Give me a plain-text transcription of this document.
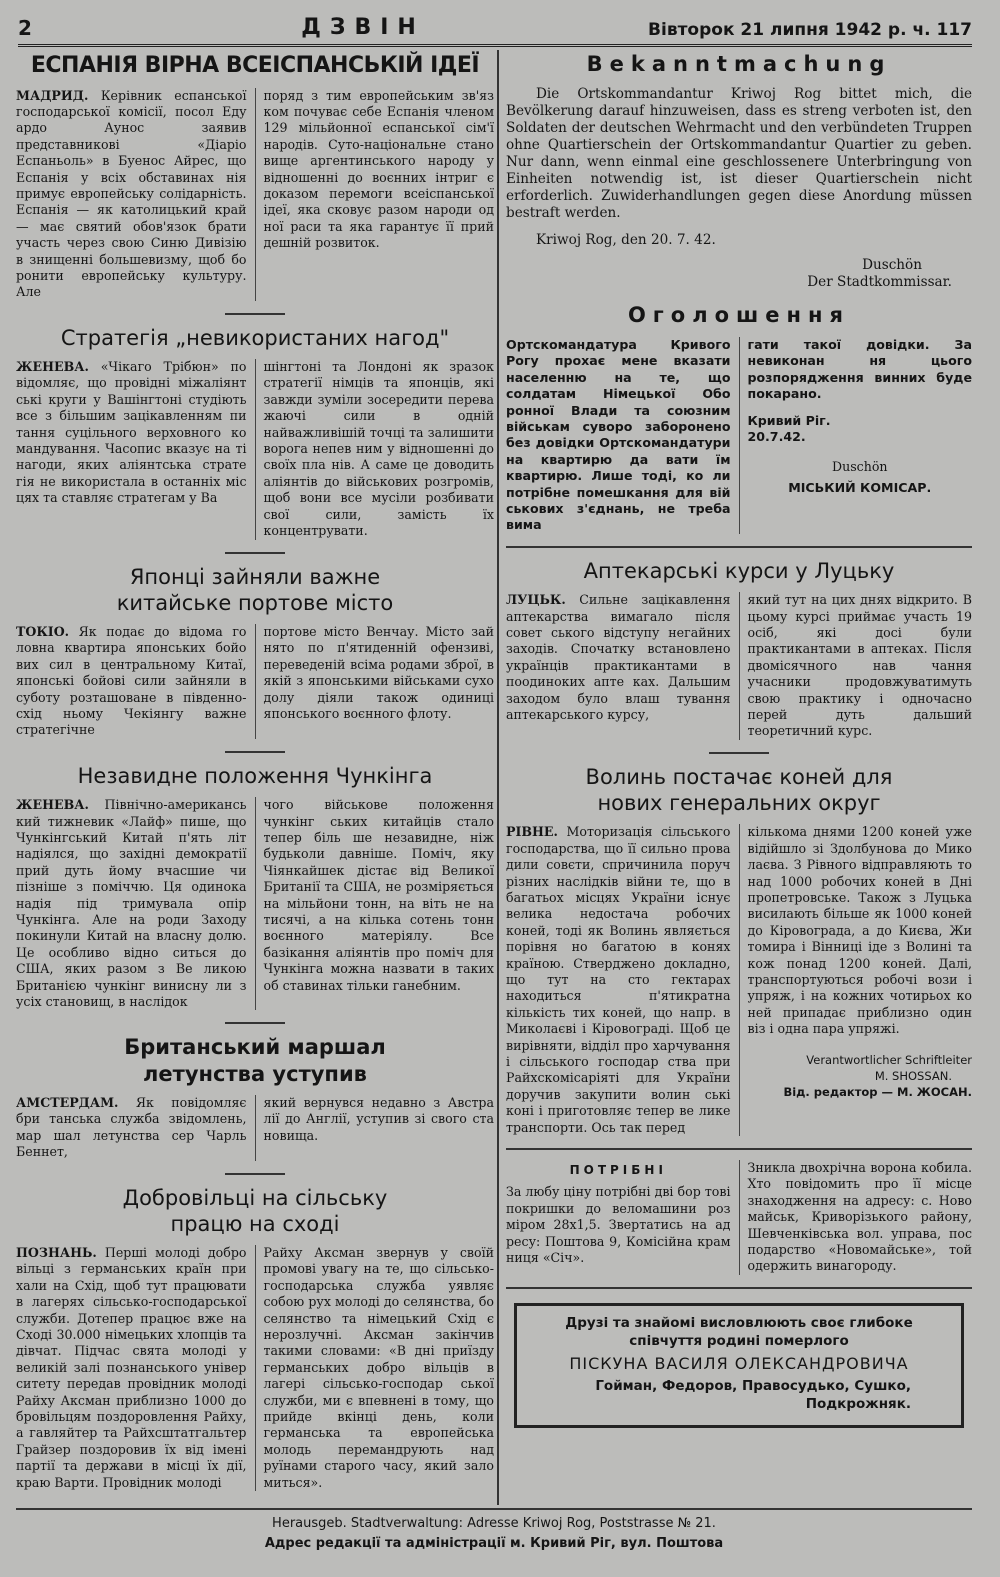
2	ДЗВІН	Вівторок 21 липня 1942 р. ч. 117
ЕСПАНІЯ ВІРНА ВСЕІСПАНСЬКІЙ ІДЕЇ
МАДРИД. Керівник еспанської господарської комісії, посол Еду ардо Аунос заявив представникові «Діаріо Еспаньоль» в Буенос Айрес, що Еспанія у всіх обставинах нія примує европейську солідарність. Еспанія — як католицький край — має святий обов'язок брати участь через свою Синю Дивізію в знищенні большевизму, щоб бо ронити европейську культуру. Але
поряд з тим европейським зв'яз ком почуває себе Еспанія членом 129 мільйонної еспанської сім'ї народів. Суто-національне стано вище аргентинського народу у відношенні до воєнних інтриг є доказом перемоги всеіспанської ідеї, яка сковує разом народи од ної раси та яка гарантує її прий дешній розвиток.
Стратегія „невикористаних нагод"
ЖЕНЕВА. «Чікаго Трібюн» по відомляє, що провідні міжаліянт ські круги у Вашінгтоні студіють все з більшим зацікавленням пи тання суцільного верховного ко мандування. Часопис вказує на ті нагоди, яких аліянтська страте гія не використала в останніх міс цях та ставляє стратегам у Ва
шінгтоні та Лондоні як зразок стратегії німців та японців, які завжди зуміли зосередити перева жаючі сили в одній найважливішій точці та залишити ворога непев ним у відношенні до своїх пла нів. А саме це доводить аліянтів до військових розгромів, щоб вони все мусіли розбивати свої сили, замість їх концентрувати.
Японці зайняли важне
китайське портове місто
ТОКІО. Як подає до відома го ловна квартира японських бойо вих сил в центральному Китаї, японські бойові сили зайняли в суботу розташоване в південно-схід ньому Чекіянгу важне стратегічне
портове місто Венчау. Місто зай нято по п'ятиденній офензиві, переведеній всіма родами зброї, в якій з японськими військами сухо долу діяли також одиниці японського воєнного флоту.
Незавидне положення Чункінга
ЖЕНЕВА. Північно-американсь кий тижневик «Лайф» пише, що Чункінгський Китай п'ять літ надіялся, що західні демократії прий дуть йому вчасшие чи пізніше з поміччю. Ця одинока надія під тримувала опір Чункінга. Але на роди Заходу покинули Китай на власну долю. Це особливо відно ситься до США, яких разом з Ве ликою Британією чункінг винисну ли з усіх становищ, в наслідок
чого військове положення чункінг ських китайців стало тепер біль ше незавидне, ніж будьколи давніше. Поміч, яку Чіянкайшек дістає від Великої Британії та США, не розміряється на мільйони тонн, на віть не на тисячі, а на кілька сотень тонн воєнного матеріялу. Все базікання аліянтів про поміч для Чункінга можна назвати в таких об ставинах тільки ганебним.
Британський маршал
летунства уступив
АМСТЕРДАМ. Як повідомляє бри танська служба звідомлень, мар шал летунства сер Чарль Беннет,
який вернувся недавно з Австра лії до Англії, уступив зі свого ста новища.
Добровільці на сільську
працю на сході
ПОЗНАНЬ. Перші молоді добро вільці з германських країн при хали на Схід, щоб тут працювати в лагерях сільсько-господарської служби. Дотепер працює вже на Сході 30.000 німецьких хлопців та дівчат. Підчас свята молоді у великій залі познанського універ ситету передав провідник молоді Райху Аксман приблизно 1000 до бровільцям поздоровлення Райху, а гавляйтер та Райхсштатгальтер Грайзер поздоровив їх від імені партії та держави в місці їх дії, краю Варти. Провідник молоді
Райху Аксман звернув у своїй промові увагу на те, що сільсько-господарська служба уявляє собою рух молоді до селянства, бо селянство та німецький Схід є нерозлучні. Аксман закінчив такими словами: «В дні приїзду германських добро вільців в лагері сільсько-господар ської служби, ми є впевнені в тому, що прийде вкінці день, коли германська та европейська молодь перемандрують над руїнами старого часу, який зало миться».
Bekanntmachung

Die Ortskommandantur Kriwoj Rog bittet mich, die Bevölkerung darauf hinzuweisen, dass es streng verboten ist, den Soldaten der deutschen Wehrmacht und den verbündeten Truppen ohne Quartierschein der Ortskommandantur Quartier zu geben. Nur dann, wenn einmal eine geschlossenere Unterbringung von Einheiten notwendig ist, ist dieser Quartierschein nicht erforderlich. Zuwiderhandlungen gegen diese Anordung müssen bestraft werden.

Kriwoj Rog, den 20. 7. 42.

Duschön
Der Stadtkommissar.
Оголошення
Ортскомандатура Кривого Рогу прохає мене вказати населенню на те, що солдатам Німецької Обо ронної Влади та союзним військам суворо заборонено без довідки Ортскомандатури на квартирю да вати їм квартирю. Лише тоді, ко ли потрібне помешкання для вій ськових з'єднань, не треба вима
гати такої довідки. За невиконан ня цього розпорядження винних буде покарано.
Кривий Ріг.
20.7.42.
Duschön
МІСЬКИЙ КОМІСАР.
Аптекарські курси у Луцьку
ЛУЦЬК. Сильне зацікавлення аптекарства вимагало після совет ського відступу негайних заходів. Спочатку встановлено українців практикантами в поодиноких апте ках. Дальшим заходом було влаш тування аптекарського курсу,
який тут на цих днях відкрито. В цьому курсі приймає участь 19 осіб, які досі були практикантами в аптеках. Після двомісячного нав чання учасники продовжуватимуть свою практику і одночасно перей дуть дальший теоретичний курс.
Волинь постачає коней для
нових генеральних округ
РІВНЕ. Моторизація сільського господарства, що її сильно прова дили совєти, спричинила поруч різних наслідків війни те, що в багатьох місцях України існує велика недостача робочих коней, тоді як Волинь являється порівня но багатою в конях країною. Стверджено докладно, що тут на сто гектарах находиться п'ятикратна кількість тих коней, що напр. в Миколаєві і Кіровограді. Щоб це вирівняти, відділ про харчування і сільського господар ства при Райхскомісаріяті для України доручив закупити волин ські коні і приготовляє тепер ве лике транспорти. Ось так перед
кількома днями 1200 коней уже відійшло зі Здолбунова до Мико лаєва. З Рівного відправляють то над 1000 робочих коней в Дні пропетровське. Також з Луцька висилають більше як 1000 коней до Кіровограда, а до Києва, Жи томира і Вінниці іде з Волині та кож понад 1200 коней. Далі, транспортуються робочі вози і упряж, і на кожних чотирьох ко ней припадає приблизно один віз і одна пара упряжі.
Verantwortlicher Schriftleiter
M. SHOSSAN.
Від. редактор — М. ЖОСАН.
ПОТРІБНІ
За любу ціну потрібні дві бор тові покришки до веломашини роз міром 28х1,5. Звертатись на ад ресу: Поштова 9, Комісійна крам ниця «Січ».
Зникла двохрічна ворона кобила. Хто повідомить про її місце знаходження на адресу: с. Ново майськ, Криворізького району, Шевченківська вол. управа, пос подарство «Новомайське», той одержить винагороду.
Друзі та знайомі висловлюють своє глибоке співчуття родині померлого
ПІСКУНА ВАСИЛЯ ОЛЕКСАНДРОВИЧА
Гойман, Федоров, Правосудько, Сушко, Подкрожняк.
Herausgeb. Stadtverwaltung: Adresse Kriwoj Rog, Poststrasse № 21.
Адрес редакції та адміністрації м. Кривий Ріг, вул. Поштова
